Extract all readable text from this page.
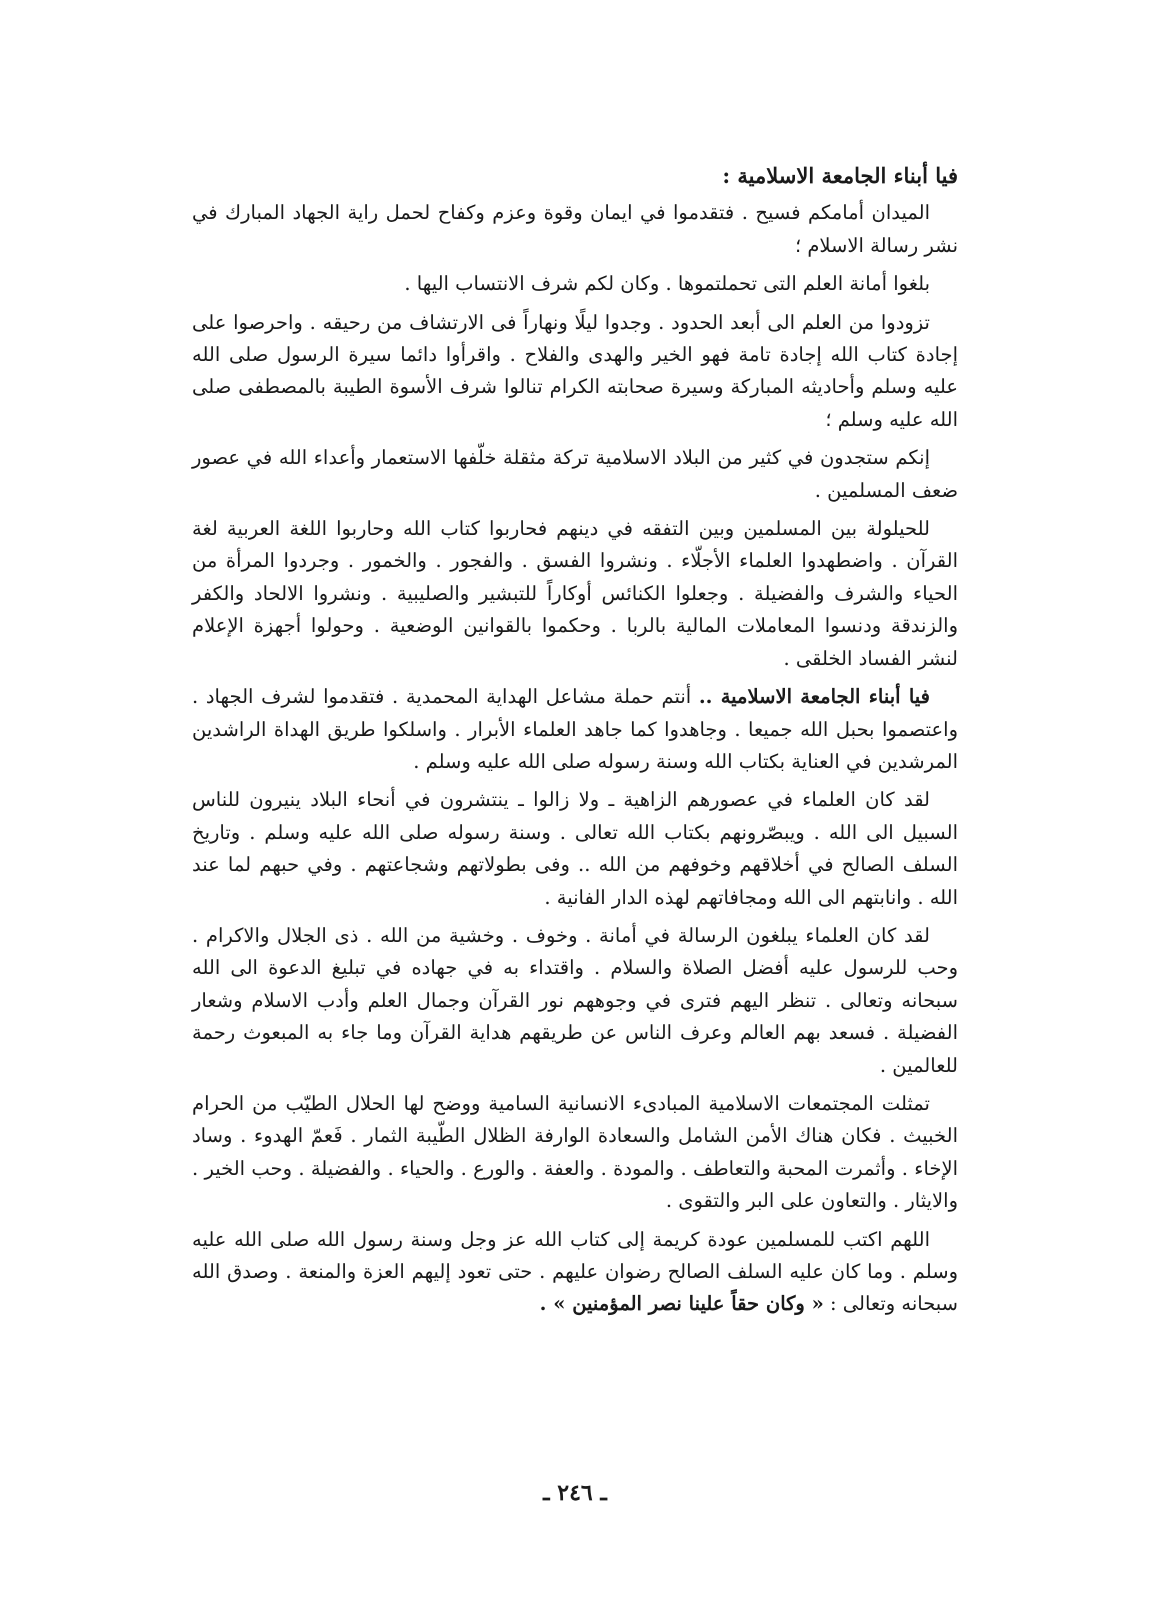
فيا أبناء الجامعة الاسلامية :

الميدان أمامكم فسيح . فتقدموا في ايمان وقوة وعزم وكفاح لحمل راية الجهاد المبارك في نشر رسالة الاسلام ؛

بلغوا أمانة العلم التى تحملتموها . وكان لكم شرف الانتساب اليها .

تزودوا من العلم الى أبعد الحدود . وجدوا ليلًا ونهاراً فى الارتشاف من رحيقه . واحرصوا على إجادة كتاب الله إجادة تامة فهو الخير والهدى والفلاح . واقرأوا دائما سيرة الرسول صلى الله عليه وسلم وأحاديثه المباركة وسيرة صحابته الكرام تنالوا شرف الأسوة الطيبة بالمصطفى صلى الله عليه وسلم ؛

إنكم ستجدون في كثير من البلاد الاسلامية تركة مثقلة خلّفها الاستعمار وأعداء الله في عصور ضعف المسلمين .

للحيلولة بين المسلمين وبين التفقه في دينهم فحاربوا كتاب الله وحاربوا اللغة العربية لغة القرآن . واضطهدوا العلماء الأجلّاء . ونشروا الفسق . والفجور . والخمور . وجردوا المرأة من الحياء والشرف والفضيلة . وجعلوا الكنائس أوكاراً للتبشير والصليبية . ونشروا الالحاد والكفر والزندقة ودنسوا المعاملات المالية بالربا . وحكموا بالقوانين الوضعية . وحولوا أجهزة الإعلام لنشر الفساد الخلقى .

فيا أبناء الجامعة الاسلامية .. أنتم حملة مشاعل الهداية المحمدية . فتقدموا لشرف الجهاد . واعتصموا بحبل الله جميعا . وجاهدوا كما جاهد العلماء الأبرار . واسلكوا طريق الهداة الراشدين المرشدين في العناية بكتاب الله وسنة رسوله صلى الله عليه وسلم .

لقد كان العلماء في عصورهم الزاهية ـ ولا زالوا ـ ينتشرون في أنحاء البلاد ينيرون للناس السبيل الى الله . ويبصّرونهم بكتاب الله تعالى . وسنة رسوله صلى الله عليه وسلم . وتاريخ السلف الصالح في أخلاقهم وخوفهم من الله .. وفى بطولاتهم وشجاعتهم . وفي حبهم لما عند الله . وانابتهم الى الله ومجافاتهم لهذه الدار الفانية .

لقد كان العلماء يبلغون الرسالة في أمانة . وخوف . وخشية من الله . ذى الجلال والاكرام . وحب للرسول عليه أفضل الصلاة والسلام . واقتداء به في جهاده في تبليغ الدعوة الى الله سبحانه وتعالى . تنظر اليهم فترى في وجوههم نور القرآن وجمال العلم وأدب الاسلام وشعار الفضيلة . فسعد بهم العالم وعرف الناس عن طريقهم هداية القرآن وما جاء به المبعوث رحمة للعالمين .

تمثلت المجتمعات الاسلامية المبادىء الانسانية السامية ووضح لها الحلال الطيّب من الحرام الخبيث . فكان هناك الأمن الشامل والسعادة الوارفة الظلال الطّيبة الثمار . فَعمّ الهدوء . وساد الإخاء . وأثمرت المحبة والتعاطف . والمودة . والعفة . والورع . والحياء . والفضيلة . وحب الخير . والايثار . والتعاون على البر والتقوى .

اللهم اكتب للمسلمين عودة كريمة إلى كتاب الله عز وجل وسنة رسول الله صلى الله عليه وسلم . وما كان عليه السلف الصالح رضوان عليهم . حتى تعود إليهم العزة والمنعة . وصدق الله سبحانه وتعالى : « وكان حقاً علينا نصر المؤمنين » .

ـ ٢٤٦ ـ
